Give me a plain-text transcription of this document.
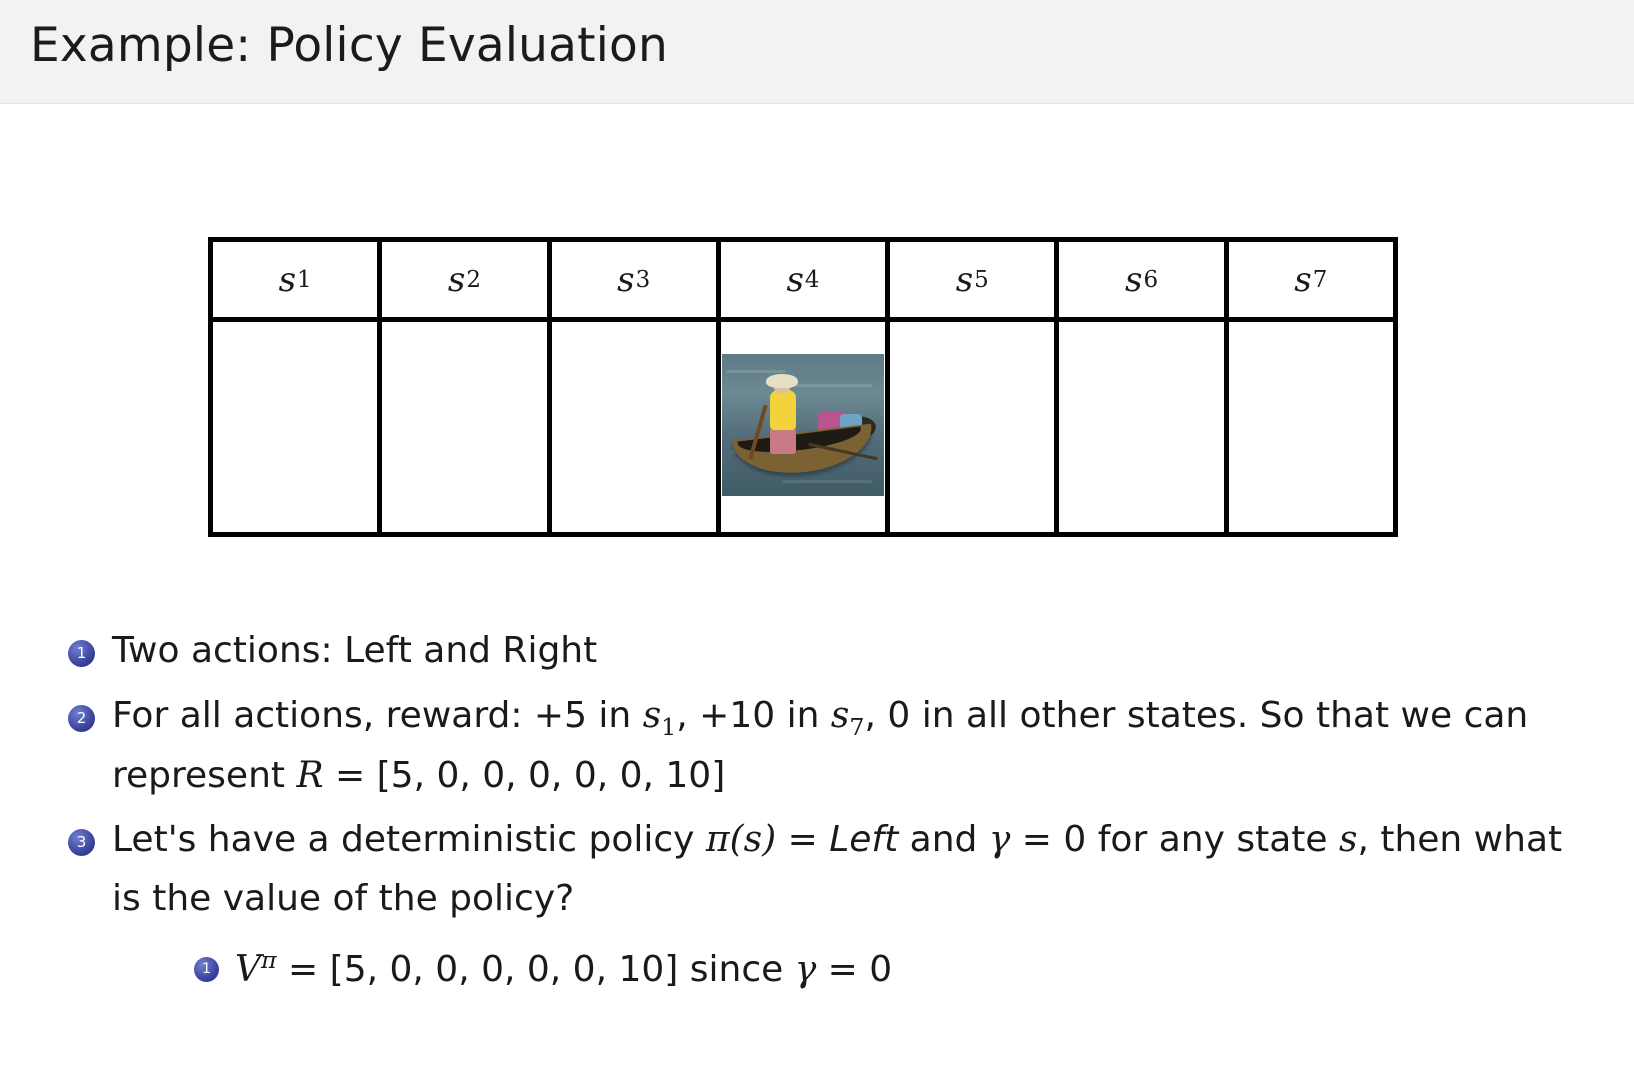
Example: Policy Evaluation
s 1	s 2	s 3	s 4	s 5	s 6	s 7
1 Two actions: Left and Right
2 For all actions, reward: +5 in $s_1$, +10 in $s_7$, 0 in all other states. So that we can represent R = [5, 0, 0, 0, 0, 0, 10]
3 Let's have a deterministic policy π(s) = Left and γ = 0 for any state s, then what is the value of the policy?
1 $V^\pi = [5$, 0, 0, 0, 0, 0, 10] since γ = 0
